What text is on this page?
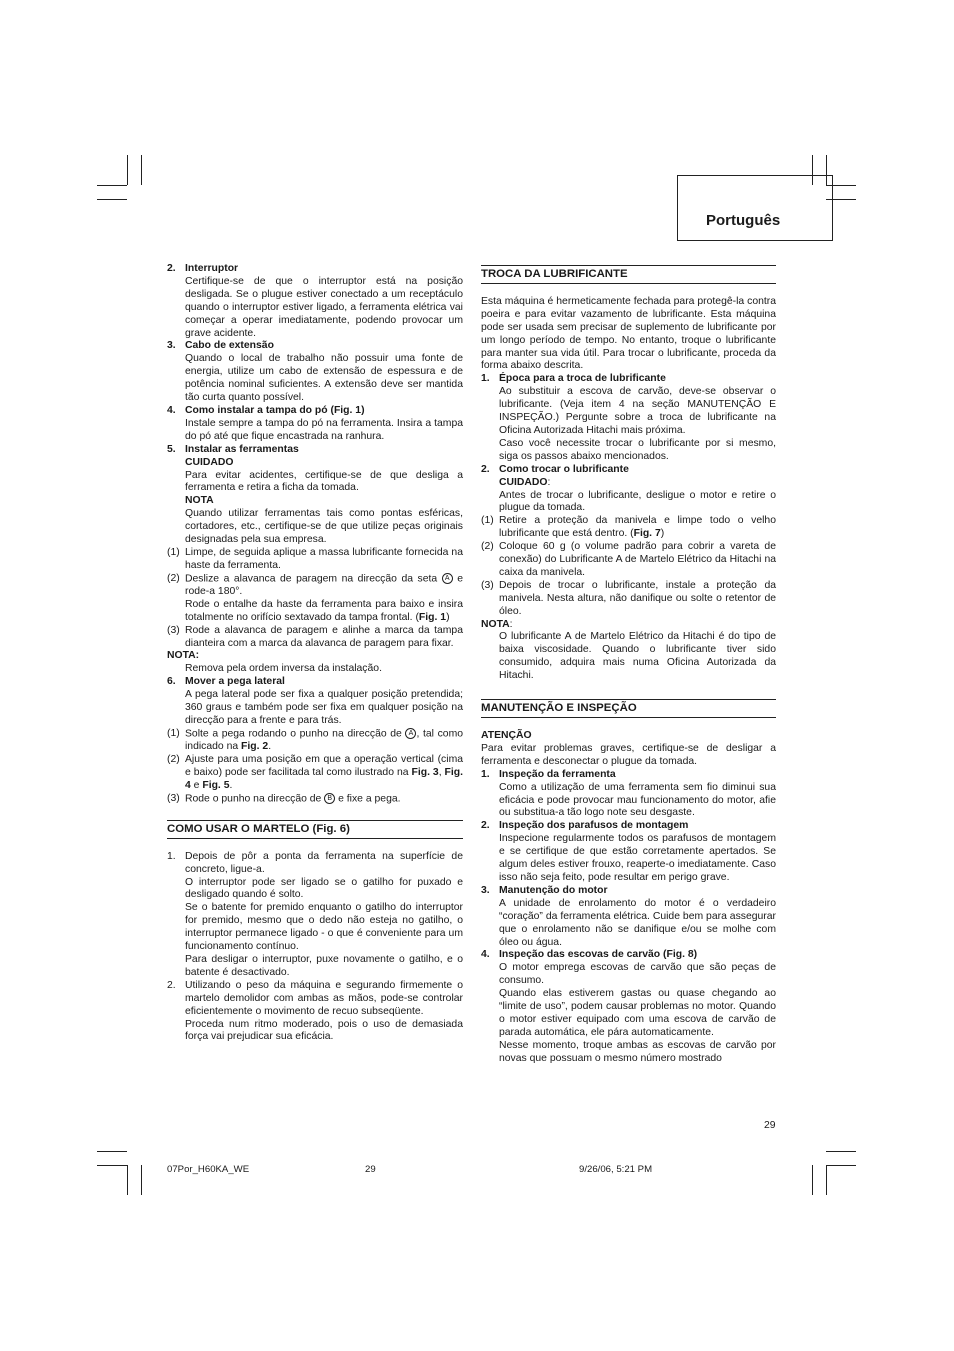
Português
2. Interruptor

Certifique-se de que o interruptor está na posição desligada. Se o plugue estiver conectado a um receptáculo quando o interruptor estiver ligado, a ferramenta elétrica vai começar a operar imediatamente, podendo provocar um grave acidente.

3. Cabo de extensão

Quando o local de trabalho não possuir uma fonte de energia, utilize um cabo de extensão de espessura e de potência nominal suficientes. A extensão deve ser mantida tão curta quanto possível.

4. Como instalar a tampa do pó (Fig. 1)

Instale sempre a tampa do pó na ferramenta. Insira a tampa do pó até que fique encastrada na ranhura.

5. Instalar as ferramentas
CUIDADO

Para evitar acidentes, certifique-se de que desliga a ferramenta e retira a ficha da tomada.

NOTA

Quando utilizar ferramentas tais como pontas esféricas, cortadores, etc., certifique-se de que utilize peças originais designadas pela sua empresa.

(1) Limpe, de seguida aplique a massa lubrificante fornecida na haste da ferramenta.
(2) Deslize a alavanca de paragem na direcção da seta A e rode-a 180°.
Rode o entalhe da haste da ferramenta para baixo e insira totalmente no orifício sextavado da tampa frontal. (Fig. 1)
(3) Rode a alavanca de paragem e alinhe a marca da tampa dianteira com a marca da alavanca de paragem para fixar.
NOTA:
Remova pela ordem inversa da instalação.
6. Mover a pega lateral

A pega lateral pode ser fixa a qualquer posição pretendida; 360 graus e também pode ser fixa em qualquer posição na direcção para a frente e para trás.

(1) Solte a pega rodando o punho na direcção de A , tal como indicado na Fig. 2.
(2) Ajuste para uma posição em que a operação vertical (cima e baixo) pode ser facilitada tal como ilustrado na Fig. 3, Fig. 4 e Fig. 5.
(3) Rode o punho na direcção de B e fixe a pega.
COMO USAR O MARTELO (Fig. 6)
1. Depois de pôr a ponta da ferramenta na superfície de concreto, ligue-a.

O interruptor pode ser ligado se o gatilho for puxado e desligado quando é solto.

Se o batente for premido enquanto o gatilho do interruptor for premido, mesmo que o dedo não esteja no gatilho, o interruptor permanece ligado - o que é conveniente para um funcionamento contínuo.

Para desligar o interruptor, puxe novamente o gatilho, e o batente é desactivado.

2. Utilizando o peso da máquina e segurando firmemente o martelo demolidor com ambas as mãos, pode-se controlar eficientemente o movimento de recuo subseqüente.

Proceda num ritmo moderado, pois o uso de demasiada força vai prejudicar sua eficácia.

TROCA DA LUBRIFICANTE

Esta máquina é hermeticamente fechada para protegê-la contra poeira e para evitar vazamento de lubrificante. Esta máquina pode ser usada sem precisar de suplemento de lubrificante por um longo período de tempo. No entanto, troque o lubrificante para manter sua vida útil. Para trocar o lubrificante, proceda da forma abaixo descrita.

1. Época para a troca de lubrificante

Ao substituir a escova de carvão, deve-se observar o lubrificante. (Veja item 4 na seção MANUTENÇÃO E INSPEÇÃO.) Pergunte sobre a troca de lubrificante na Oficina Autorizada Hitachi mais próxima.

Caso você necessite trocar o lubrificante por si mesmo, siga os passos abaixo mencionados.

2. Como trocar o lubrificante
CUIDADO:

Antes de trocar o lubrificante, desligue o motor e retire o plugue da tomada.

(1) Retire a proteção da manivela e limpe todo o velho lubrificante que está dentro. (Fig. 7)
(2) Coloque 60 g (o volume padrão para cobrir a vareta de conexão) do Lubrificante A de Martelo Elétrico da Hitachi na caixa da manivela.
(3) Depois de trocar o lubrificante, instale a proteção da manivela. Nesta altura, não danifique ou solte o retentor de óleo.
NOTA:
O lubrificante A de Martelo Elétrico da Hitachi é do tipo de baixa viscosidade. Quando o lubrificante tiver sido consumido, adquira mais numa Oficina Autorizada da Hitachi.
MANUTENÇÃO E INSPEÇÃO
ATENÇÃO

Para evitar problemas graves, certifique-se de desligar a ferramenta e desconectar o plugue da tomada.

1. Inspeção da ferramenta

Como a utilização de uma ferramenta sem fio diminui sua eficácia e pode provocar mau funcionamento do motor, afie ou substitua-a tão logo note seu desgaste.

2. Inspeção dos parafusos de montagem

Inspecione regularmente todos os parafusos de montagem e se certifique de que estão corretamente apertados. Se algum deles estiver frouxo, reaperte-o imediatamente. Caso isso não seja feito, pode resultar em perigo grave.

3. Manutenção do motor

A unidade de enrolamento do motor é o verdadeiro “coração” da ferramenta elétrica. Cuide bem para assegurar que o enrolamento não se danifique e/ou se molhe com óleo ou água.

4. Inspeção das escovas de carvão (Fig. 8)

O motor emprega escovas de carvão que são peças de consumo.

Quando elas estiverem gastas ou quase chegando ao “limite de uso”, podem causar problemas no motor. Quando o motor estiver equipado com uma escova de carvão de parada automática, ele pára automaticamente.

Nesse momento, troque ambas as escovas de carvão por novas que possuam o mesmo número mostrado

29
07Por_H60KA_WE	29	9/26/06, 5:21 PM
